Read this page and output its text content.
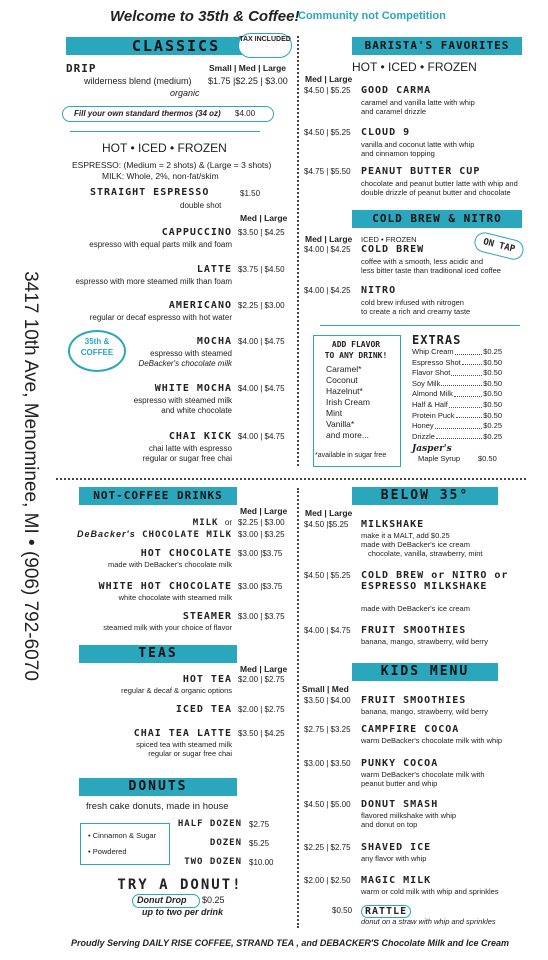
Welcome to 35th & Coffee!
Community not Competition
3417 10th Ave, Menominee, MI • (906) 792-6070
CLASSICS	TAX INCLUDED
DRIP	Small | Med | Large
wilderness blend (medium) $1.75 |$2.25 | $3.00
organic
Fill your own standard thermos (34 oz) $4.00
HOT • ICED • FROZEN
ESPRESSO: (Medium = 2 shots) & (Large = 3 shots)
MILK: Whole, 2%, non-fat/skim
STRAIGHT ESPRESSO	$1.50
double shot
Med | Large
CAPPUCCINO $3.50 | $4.25
espresso with equal parts milk and foam
LATTE $3.75 | $4.50
espresso with more steamed milk than foam
AMERICANO $2.25 | $3.00
regular or decaf espresso with hot water
MOCHA $4.00 | $4.75
espresso with steamed
DeBacker's chocolate milk
35th & COFFEE
WHITE MOCHA $4.00 | $4.75
espresso with steamed milk
and white chocolate
CHAI KICK $4.00 | $4.75
chai latte with espresso
regular or sugar free chai
BARISTA'S FAVORITES
HOT • ICED • FROZEN
Med | Large
$4.50 | $5.25 GOOD CARMA
caramel and vanilla latte with whip
and caramel drizzle
$4.50 | $5.25 CLOUD 9
vanilla and coconut latte with whip
and cinnamon topping
$4.75 | $5.50 PEANUT BUTTER CUP
chocolate and peanut butter latte with whip and
double drizzle of peanut butter and chocolate
COLD BREW & NITRO
Med | Large ICED • FROZEN	ON TAP
$4.00 | $4.25 COLD BREW
coffee with a smooth, less acidic and
less bitter taste than traditional iced coffee
$4.00 | $4.25 NITRO
cold brew infused with nitrogen
to create a rich and creamy taste
ADD FLAVOR
TO ANY DRINK!
Caramel*
Coconut
Hazelnut*
Irish Cream
Mint
Vanilla*
and more...
*available in sugar free
EXTRAS
Whip Cream	$0.25
Espresso Shot	$0.50
Flavor Shot	$0.50
Soy Milk	$0.50
Almond Milk	$0.50
Half & Half	$0.50
Protein Puck	$0.50
Honey	$0.25
Drizzle	$0.25
Jasper's
Maple Syrup $0.50
NOT-COFFEE DRINKS
Med | Large
MILK or $2.25 | $3.00
DeBacker's CHOCOLATE MILK $3.00 | $3.25
HOT CHOCOLATE $3.00 |$3.75
made with DeBacker's chocolate milk
WHITE HOT CHOCOLATE $3.00 |$3.75
white chocolate with steamed milk
STEAMER $3.00 | $3.75
steamed milk with your choice of flavor
TEAS
Med | Large
HOT TEA $2.00 | $2.75
regular & decaf & organic options
ICED TEA $2.00 | $2.75
CHAI TEA LATTE $3.50 | $4.25
spiced tea with steamed milk
regular or sugar free chai
DONUTS
fresh cake donuts, made in house
• Cinnamon & Sugar
• Powdered
HALF DOZEN $2.75
DOZEN $5.25
TWO DOZEN $10.00
TRY A DONUT!
Donut Drop $0.25
up to two per drink
BELOW 35°
Med | Large
$4.50 |$5.25 MILKSHAKE
make it a MALT, add $0.25
made with DeBacker's ice cream
chocolate, vanilla, strawberry, mint
$4.50 | $5.25 COLD BREW or NITRO or ESPRESSO MILKSHAKE
made with DeBacker's ice cream
$4.00 | $4.75 FRUIT SMOOTHIES
banana, mango, strawberry, wild berry
KIDS MENU
Small | Med
$3.50 | $4.00 FRUIT SMOOTHIES
banana, mango, strawberry, wild berry
$2.75 | $3.25 CAMPFIRE COCOA
warm DeBacker's chocolate milk with whip
$3.00 | $3.50 PUNKY COCOA
warm DeBacker's chocolate milk with
peanut butter and whip
$4.50 | $5.00 DONUT SMASH
flavored milkshake with whip
and donut on top
$2.25 | $2.75 SHAVED ICE
any flavor with whip
$2.00 | $2.50 MAGIC MILK
warm or cold milk with whip and sprinkles
$0.50	RATTLE
donut on a straw with whip and sprinkles
Proudly Serving DAILY RISE COFFEE, STRAND TEA , and DEBACKER'S Chocolate Milk and Ice Cream
